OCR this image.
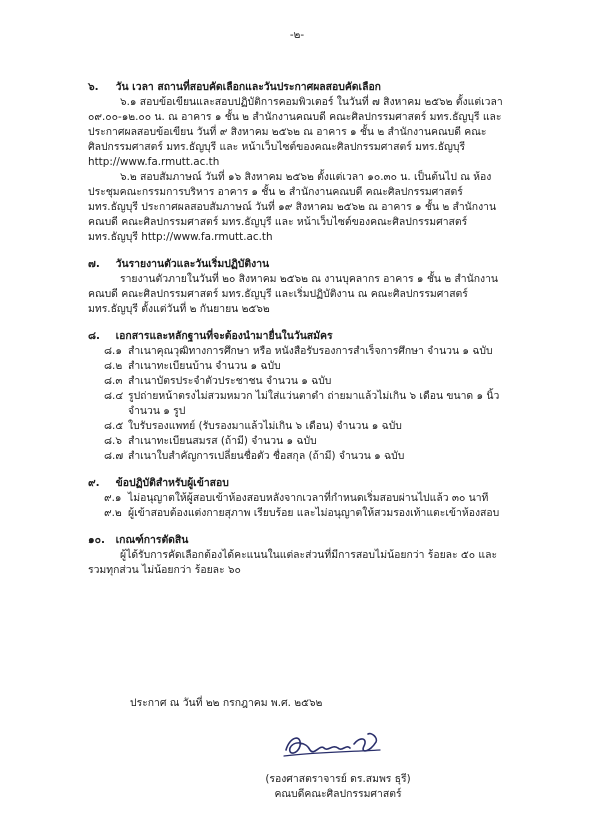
-๒-
๖. วัน เวลา สถานที่สอบคัดเลือกและวันประกาศผลสอบคัดเลือก

๖.๑ สอบข้อเขียนและสอบปฏิบัติการคอมพิวเตอร์ ในวันที่ ๗ สิงหาคม ๒๕๖๒ ตั้งแต่เวลา ๐๙.๐๐-๑๒.๐๐ น. ณ อาคาร ๑ ชั้น ๒ สำนักงานคณบดี คณะศิลปกรรมศาสตร์ มทร.ธัญบุรี และประกาศผลสอบข้อเขียน วันที่ ๙ สิงหาคม ๒๕๖๒ ณ อาคาร ๑ ชั้น ๒ สำนักงานคณบดี คณะศิลปกรรมศาสตร์ มทร.ธัญบุรี และ หน้าเว็บไซต์ของคณะศิลปกรรมศาสตร์ มทร.ธัญบุรี http://www.fa.rmutt.ac.th

๖.๒ สอบสัมภาษณ์ วันที่ ๑๖ สิงหาคม ๒๕๖๒ ตั้งแต่เวลา ๑๐.๓๐ น. เป็นต้นไป ณ ห้องประชุมคณะกรรมการบริหาร อาคาร ๑ ชั้น ๒ สำนักงานคณบดี คณะศิลปกรรมศาสตร์ มทร.ธัญบุรี ประกาศผลสอบสัมภาษณ์ วันที่ ๑๙ สิงหาคม ๒๕๖๒ ณ อาคาร ๑ ชั้น ๒ สำนักงานคณบดี คณะศิลปกรรมศาสตร์ มทร.ธัญบุรี และ หน้าเว็บไซต์ของคณะศิลปกรรมศาสตร์ มทร.ธัญบุรี http://www.fa.rmutt.ac.th

๗. วันรายงานตัวและวันเริ่มปฏิบัติงาน

รายงานตัวภายในวันที่ ๒๐ สิงหาคม ๒๕๖๒ ณ งานบุคลากร อาคาร ๑ ชั้น ๒ สำนักงานคณบดี คณะศิลปกรรมศาสตร์ มทร.ธัญบุรี และเริ่มปฏิบัติงาน ณ คณะศิลปกรรมศาสตร์ มทร.ธัญบุรี ตั้งแต่วันที่ ๒ กันยายน ๒๕๖๒

๘. เอกสารและหลักฐานที่จะต้องนำมายื่นในวันสมัคร
๘.๑ สำเนาคุณวุฒิทางการศึกษา หรือ หนังสือรับรองการสำเร็จการศึกษา จำนวน ๑ ฉบับ
๘.๒ สำเนาทะเบียนบ้าน จำนวน ๑ ฉบับ
๘.๓ สำเนาบัตรประจำตัวประชาชน จำนวน ๑ ฉบับ
๘.๔ รูปถ่ายหน้าตรงไม่สวมหมวก ไม่ใส่แว่นตาดำ ถ่ายมาแล้วไม่เกิน ๖ เดือน ขนาด ๑ นิ้ว จำนวน ๑ รูป
๘.๕ ใบรับรองแพทย์ (รับรองมาแล้วไม่เกิน ๖ เดือน) จำนวน ๑ ฉบับ
๘.๖ สำเนาทะเบียนสมรส (ถ้ามี) จำนวน ๑ ฉบับ
๘.๗ สำเนาใบสำคัญการเปลี่ยนชื่อตัว ชื่อสกุล (ถ้ามี) จำนวน ๑ ฉบับ
๙. ข้อปฏิบัติสำหรับผู้เข้าสอบ
๙.๑ ไม่อนุญาตให้ผู้สอบเข้าห้องสอบหลังจากเวลาที่กำหนดเริ่มสอบผ่านไปแล้ว ๓๐ นาที
๙.๒ ผู้เข้าสอบต้องแต่งกายสุภาพ เรียบร้อย และไม่อนุญาตให้สวมรองเท้าแตะเข้าห้องสอบ
๑๐. เกณฑ์การตัดสิน

ผู้ได้รับการคัดเลือกต้องได้คะแนนในแต่ละส่วนที่มีการสอบไม่น้อยกว่า ร้อยละ ๕๐ และรวมทุกส่วน ไม่น้อยกว่า ร้อยละ ๖๐

ประกาศ ณ วันที่ ๒๒ กรกฎาคม พ.ศ. ๒๕๖๒
(รองศาสตราจารย์ ดร.สมพร ธุรี)
คณบดีคณะศิลปกรรมศาสตร์
